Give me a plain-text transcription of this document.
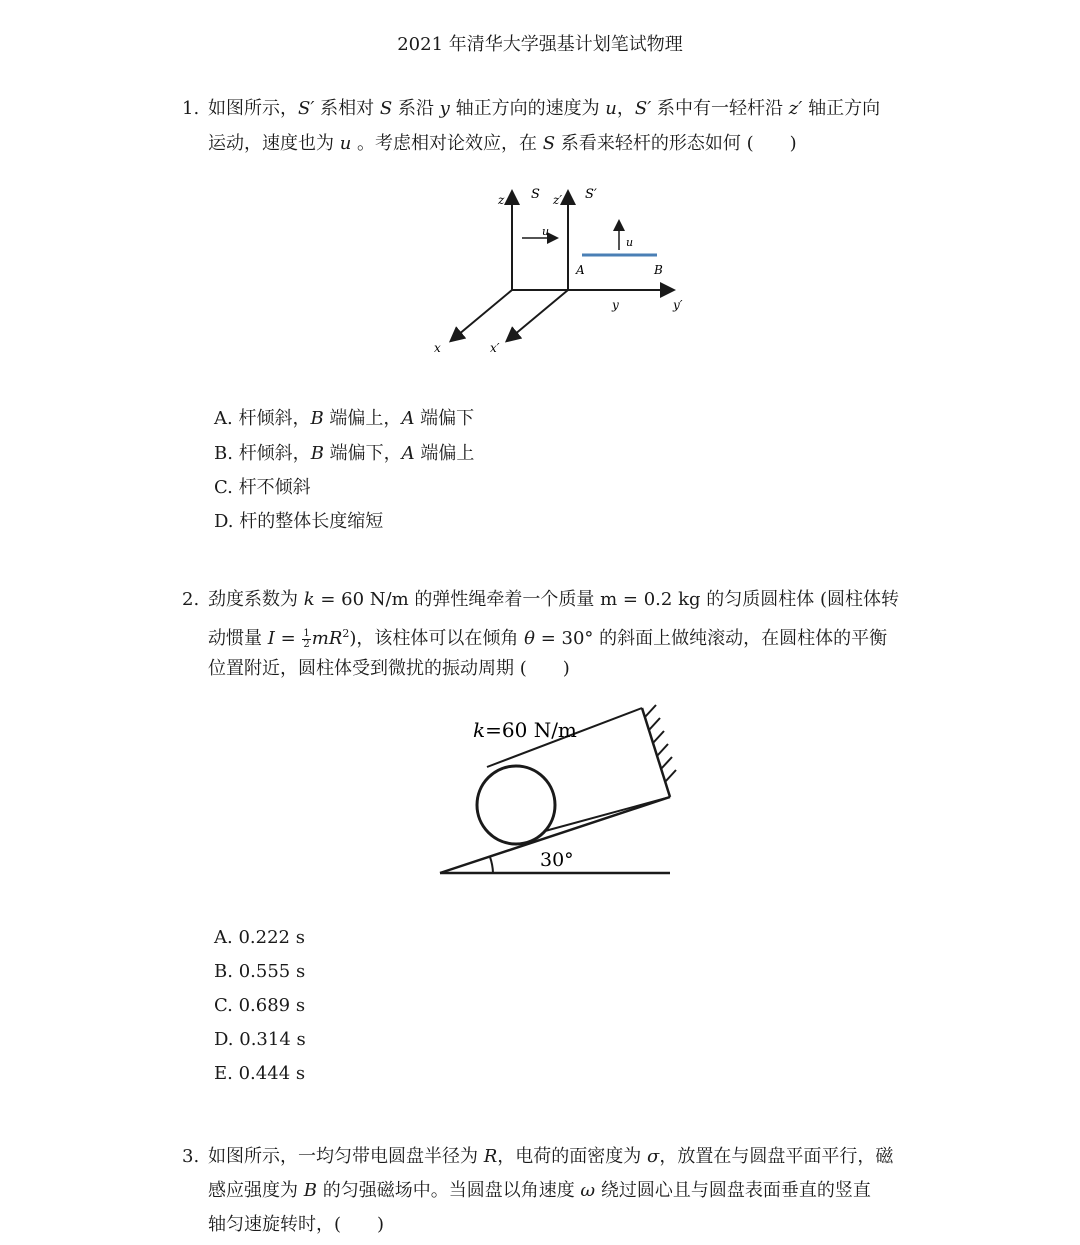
2021 年清华大学强基计划笔试物理
1. 如图所示，S′ 系相对 S 系沿 y 轴正方向的速度为 u，S′ 系中有一轻杆沿 z′ 轴正方向
运动，速度也为 u 。考虑相对论效应，在 S 系看来轻杆的形态如何 (　　)
z S z′ S′
u
u
A	B
y	y′
x	x′
A. 杆倾斜，B 端偏上，A 端偏下
B. 杆倾斜，B 端偏下，A 端偏上
C. 杆不倾斜
D. 杆的整体长度缩短
2. 劲度系数为 k = 60 N/m 的弹性绳牵着一个质量 m = 0.2 kg 的匀质圆柱体 (圆柱体转
动惯量 $I = \frac{1}{2} mR^2$)，该柱体可以在倾角 θ = 30° 的斜面上做纯滚动，在圆柱体的平衡
位置附近，圆柱体受到微扰的振动周期 (　　)
k=60 N/m
30°
A. 0.222 s
B. 0.555 s
C. 0.689 s
D. 0.314 s
E. 0.444 s
3. 如图所示，一均匀带电圆盘半径为 R，电荷的面密度为 σ，放置在与圆盘平面平行，磁
感应强度为 B 的匀强磁场中。当圆盘以角速度 ω 绕过圆心且与圆盘表面垂直的竖直
轴匀速旋转时，(　　)
